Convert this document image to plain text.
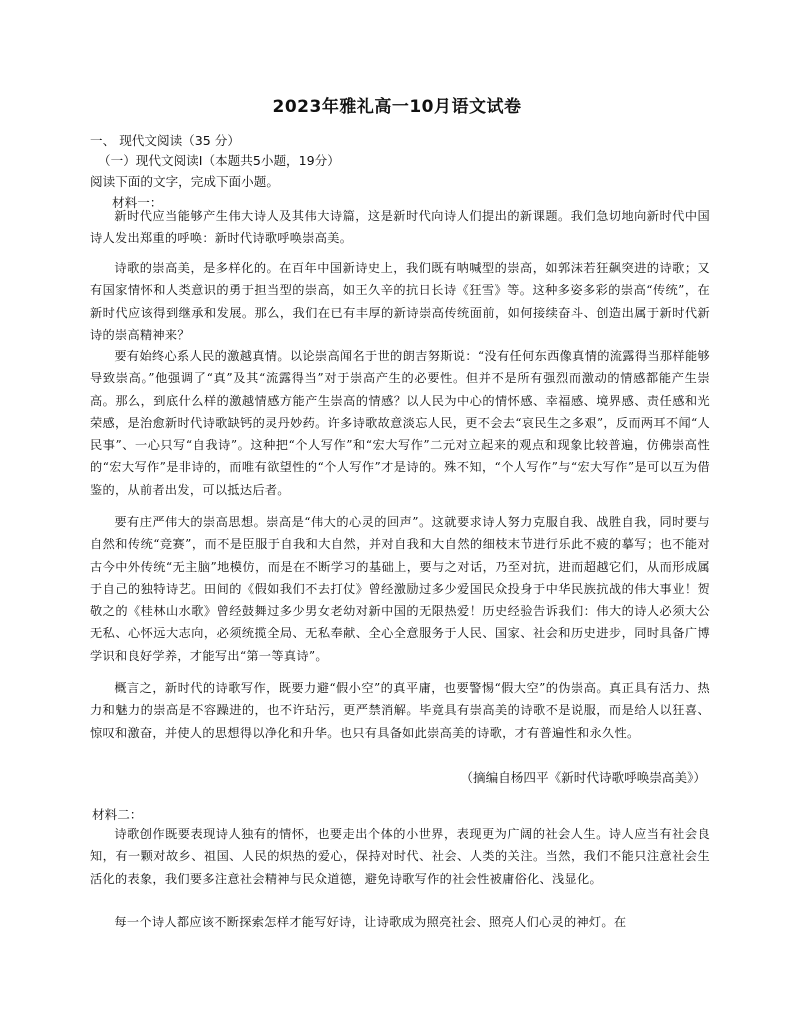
2023年雅礼高一10月语文试卷
一、 现代文阅读（35 分）
（一）现代文阅读Ⅰ（本题共5小题，19分）
阅读下面的文字，完成下面小题。
材料一：

新时代应当能够产生伟大诗人及其伟大诗篇，这是新时代向诗人们提出的新课题。我们急切地向新时代中国诗人发出郑重的呼唤：新时代诗歌呼唤崇高美。

诗歌的崇高美，是多样化的。在百年中国新诗史上，我们既有呐喊型的崇高，如郭沫若狂飙突进的诗歌；又有国家情怀和人类意识的勇于担当型的崇高，如王久辛的抗日长诗《狂雪》等。这种多姿多彩的崇高“传统”，在新时代应该得到继承和发展。那么，我们在已有丰厚的新诗崇高传统面前，如何接续奋斗、创造出属于新时代新诗的崇高精神来？

要有始终心系人民的激越真情。以论崇高闻名于世的朗吉努斯说：“没有任何东西像真情的流露得当那样能够导致崇高。”他强调了“真”及其“流露得当”对于崇高产生的必要性。但并不是所有强烈而激动的情感都能产生崇高。那么，到底什么样的激越情感方能产生崇高的情感？以人民为中心的情怀感、幸福感、境界感、责任感和光荣感，是治愈新时代诗歌缺钙的灵丹妙药。许多诗歌故意淡忘人民，更不会去“哀民生之多艰”，反而两耳不闻“人民事”、一心只写“自我诗”。这种把“个人写作”和“宏大写作”二元对立起来的观点和现象比较普遍，仿佛崇高性的“宏大写作”是非诗的，而唯有欲望性的“个人写作”才是诗的。殊不知，“个人写作”与“宏大写作”是可以互为借鉴的，从前者出发，可以抵达后者。

要有庄严伟大的崇高思想。崇高是“伟大的心灵的回声”。这就要求诗人努力克服自我、战胜自我，同时要与自然和传统“竞赛”，而不是臣服于自我和大自然，并对自我和大自然的细枝末节进行乐此不疲的摹写；也不能对古今中外传统“无主脑”地模仿，而是在不断学习的基础上，要与之对话，乃至对抗，进而超越它们，从而形成属于自己的独特诗艺。田间的《假如我们不去打仗》曾经激励过多少爱国民众投身于中华民族抗战的伟大事业！贺敬之的《桂林山水歌》曾经鼓舞过多少男女老幼对新中国的无限热爱！历史经验告诉我们：伟大的诗人必须大公无私、心怀远大志向，必须统揽全局、无私奉献、全心全意服务于人民、国家、社会和历史进步，同时具备广博学识和良好学养，才能写出“第一等真诗”。

概言之，新时代的诗歌写作，既要力避“假小空”的真平庸，也要警惕“假大空”的伪崇高。真正具有活力、热力和魅力的崇高是不容躁进的，也不许玷污，更严禁消解。毕竟具有崇高美的诗歌不是说服，而是给人以狂喜、惊叹和激奋，并使人的思想得以净化和升华。也只有具备如此崇高美的诗歌，才有普遍性和永久性。

（摘编自杨四平《新时代诗歌呼唤崇高美》）
材料二：

诗歌创作既要表现诗人独有的情怀，也要走出个体的小世界，表现更为广阔的社会人生。诗人应当有社会良知，有一颗对故乡、祖国、人民的炽热的爱心，保持对时代、社会、人类的关注。当然，我们不能只注意社会生活化的表象，我们要多注意社会精神与民众道德，避免诗歌写作的社会性被庸俗化、浅显化。

每一个诗人都应该不断探索怎样才能写好诗，让诗歌成为照亮社会、照亮人们心灵的神灯。在
